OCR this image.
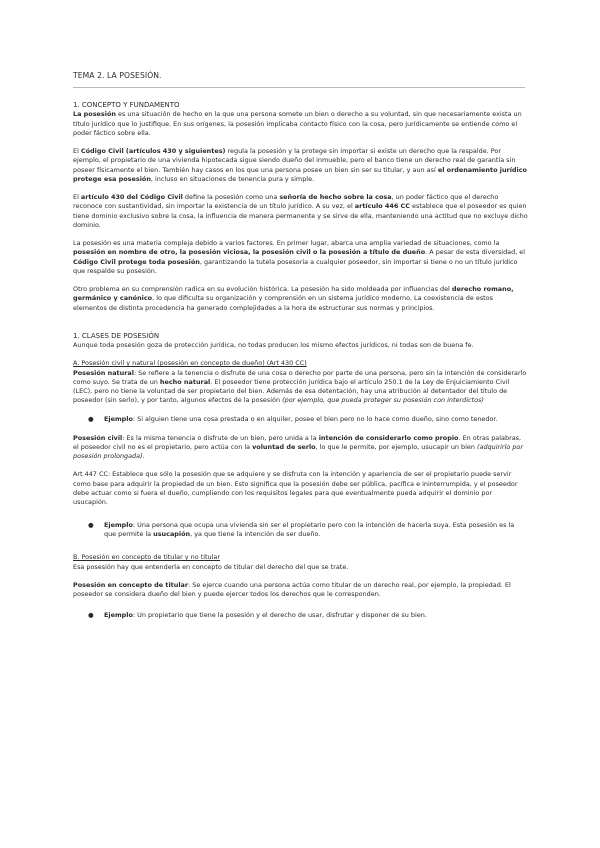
TEMA 2. LA POSESIÓN.

1. CONCEPTO Y FUNDAMENTO

La posesión es una situación de hecho en la que una persona somete un bien o derecho a su voluntad, sin que necesariamente exista un título jurídico que lo justifique. En sus orígenes, la posesión implicaba contacto físico con la cosa, pero jurídicamente se entiende como el poder fáctico sobre ella.

El Código Civil (artículos 430 y siguientes) regula la posesión y la protege sin importar si existe un derecho que la respalde. Por ejemplo, el propietario de una vivienda hipotecada sigue siendo dueño del inmueble, pero el banco tiene un derecho real de garantía sin poseer físicamente el bien. También hay casos en los que una persona posee un bien sin ser su titular, y aun así el ordenamiento jurídico protege esa posesión, incluso en situaciones de tenencia pura y simple.

El artículo 430 del Código Civil define la posesión como una señoría de hecho sobre la cosa, un poder fáctico que el derecho reconoce con sustantividad, sin importar la existencia de un título jurídico. A su vez, el artículo 446 CC establece que el poseedor es quien tiene dominio exclusivo sobre la cosa, la influencia de manera permanente y se sirve de ella, manteniendo una actitud que no excluye dicho dominio.

La posesión es una materia compleja debido a varios factores. En primer lugar, abarca una amplia variedad de situaciones, como la posesión en nombre de otro, la posesión viciosa, la posesión civil o la posesión a título de dueño. A pesar de esta diversidad, el Código Civil protege toda posesión, garantizando la tutela posesoria a cualquier poseedor, sin importar si tiene o no un título jurídico que respalde su posesión.

Otro problema en su comprensión radica en su evolución histórica. La posesión ha sido moldeada por influencias del derecho romano, germánico y canónico, lo que dificulta su organización y comprensión en un sistema jurídico moderno. La coexistencia de estos elementos de distinta procedencia ha generado complejidades a la hora de estructurar sus normas y principios.

1. CLASES DE POSESIÓN

Aunque toda posesión goza de protección jurídica, no todas producen los mismo efectos jurídicos, ni todas son de buena fe.

A. Posesión civil y natural (posesión en concepto de dueño) (Art 430 CC)

Posesión natural: Se refiere a la tenencia o disfrute de una cosa o derecho por parte de una persona, pero sin la intención de considerarlo como suyo. Se trata de un hecho natural. El poseedor tiene protección jurídica bajo el artículo 250.1 de la Ley de Enjuiciamiento Civil (LEC), pero no tiene la voluntad de ser propietario del bien. Además de esa detentación, hay una atribución al detentador del título de poseedor (sin serlo), y por tanto, algunos efectos de la posesión (por ejemplo, que pueda proteger su posesión con interdictos)

● Ejemplo: Si alguien tiene una cosa prestada o en alquiler, posee el bien pero no lo hace como dueño, sino como tenedor.

Posesión civil: Es la misma tenencia o disfrute de un bien, pero unida a la intención de considerarlo como propio. En otras palabras, el poseedor civil no es el propietario, pero actúa con la voluntad de serlo, lo que le permite, por ejemplo, usucapir un bien (adquirirlo por posesión prolongada).

Art 447 CC: Establece que sólo la posesión que se adquiere y se disfruta con la intención y apariencia de ser el propietario puede servir como base para adquirir la propiedad de un bien. Esto significa que la posesión debe ser pública, pacífica e ininterrumpida, y el poseedor debe actuar como si fuera el dueño, cumpliendo con los requisitos legales para que eventualmente pueda adquirir el dominio por usucapión.

● Ejemplo: Una persona que ocupa una vivienda sin ser el propietario pero con la intención de hacerla suya. Esta posesión es la que permite la usucapión, ya que tiene la intención de ser dueño.

B. Posesión en concepto de titular y no titular

Esa posesión hay que entenderla en concepto de titular del derecho del que se trate.

Posesión en concepto de titular: Se ejerce cuando una persona actúa como titular de un derecho real, por ejemplo, la propiedad. El poseedor se considera dueño del bien y puede ejercer todos los derechos que le corresponden.

● Ejemplo: Un propietario que tiene la posesión y el derecho de usar, disfrutar y disponer de su bien.
